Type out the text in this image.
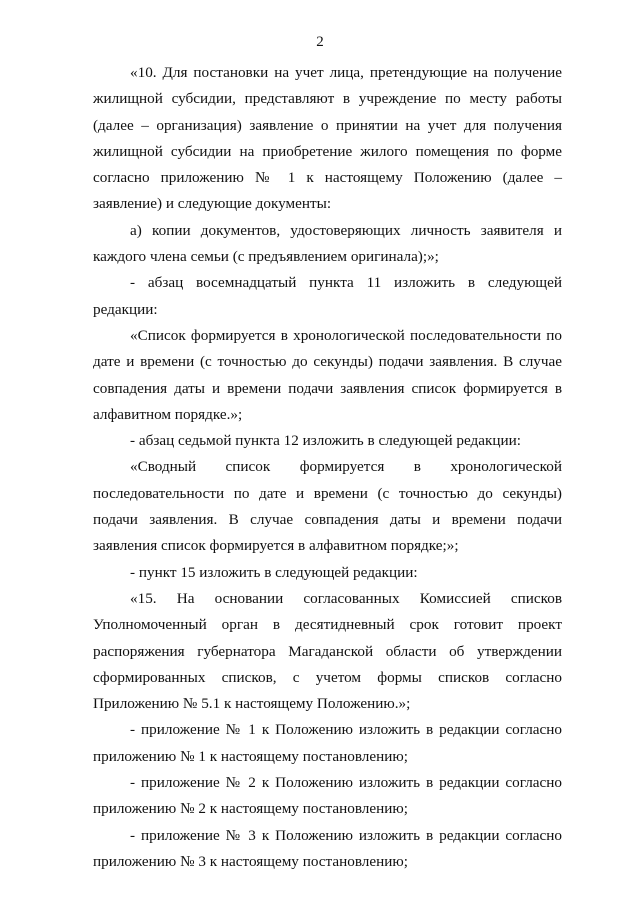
2

«10. Для постановки на учет лица, претендующие на получение жилищной субсидии, представляют в учреждение по месту работы (далее – организация) заявление о принятии на учет для получения жилищной субсидии на приобретение жилого помещения по форме согласно приложению № 1 к настоящему Положению (далее – заявление) и следующие документы:

а) копии документов, удостоверяющих личность заявителя и каждого члена семьи (с предъявлением оригинала);»;

- абзац восемнадцатый пункта 11 изложить в следующей редакции:

«Список формируется в хронологической последовательности по дате и времени (с точностью до секунды) подачи заявления. В случае совпадения даты и времени подачи заявления список формируется в алфавитном порядке.»;

- абзац седьмой пункта 12 изложить в следующей редакции:

«Сводный список формируется в хронологической последовательности по дате и времени (с точностью до секунды) подачи заявления. В случае совпадения даты и времени подачи заявления список формируется в алфавитном порядке;»;

- пункт 15 изложить в следующей редакции:

«15. На основании согласованных Комиссией списков Уполномоченный орган в десятидневный срок готовит проект распоряжения губернатора Магаданской области об утверждении сформированных списков, с учетом формы списков согласно Приложению № 5.1 к настоящему Положению.»;

- приложение № 1 к Положению изложить в редакции согласно приложению № 1 к настоящему постановлению;

- приложение № 2 к Положению изложить в редакции согласно приложению № 2 к настоящему постановлению;

- приложение № 3 к Положению изложить в редакции согласно приложению № 3 к настоящему постановлению;
